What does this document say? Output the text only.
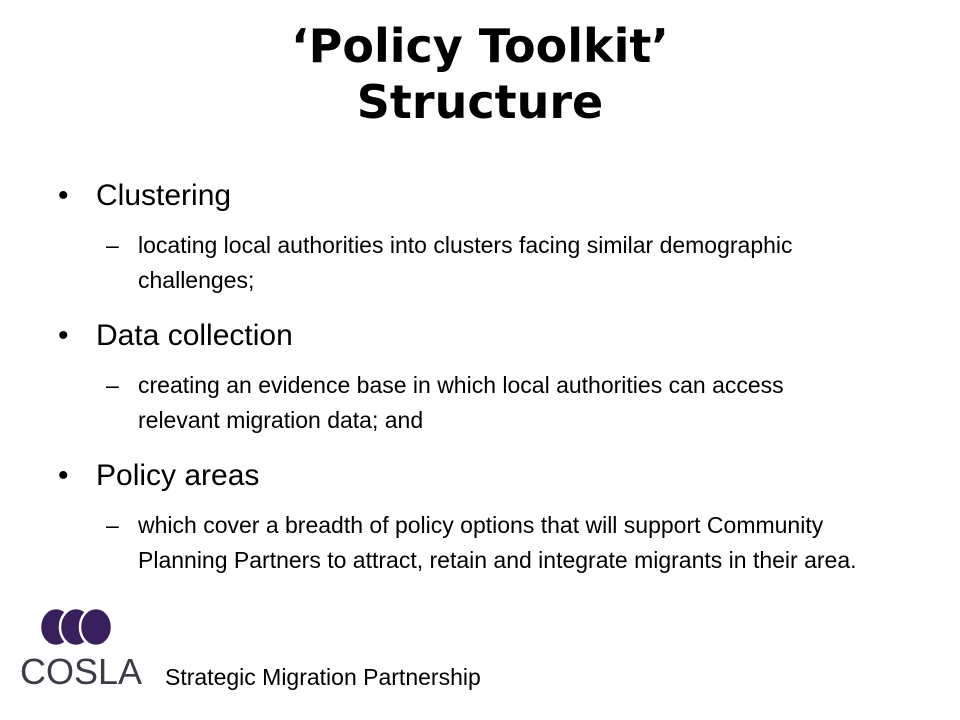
‘Policy Toolkit’
Structure
• Clustering
– locating local authorities into clusters facing similar demographic challenges;
• Data collection
– creating an evidence base in which local authorities can access relevant migration data; and
• Policy areas
– which cover a breadth of policy options that will support Community Planning Partners to attract, retain and integrate migrants in their area.
COSLA Strategic Migration Partnership
